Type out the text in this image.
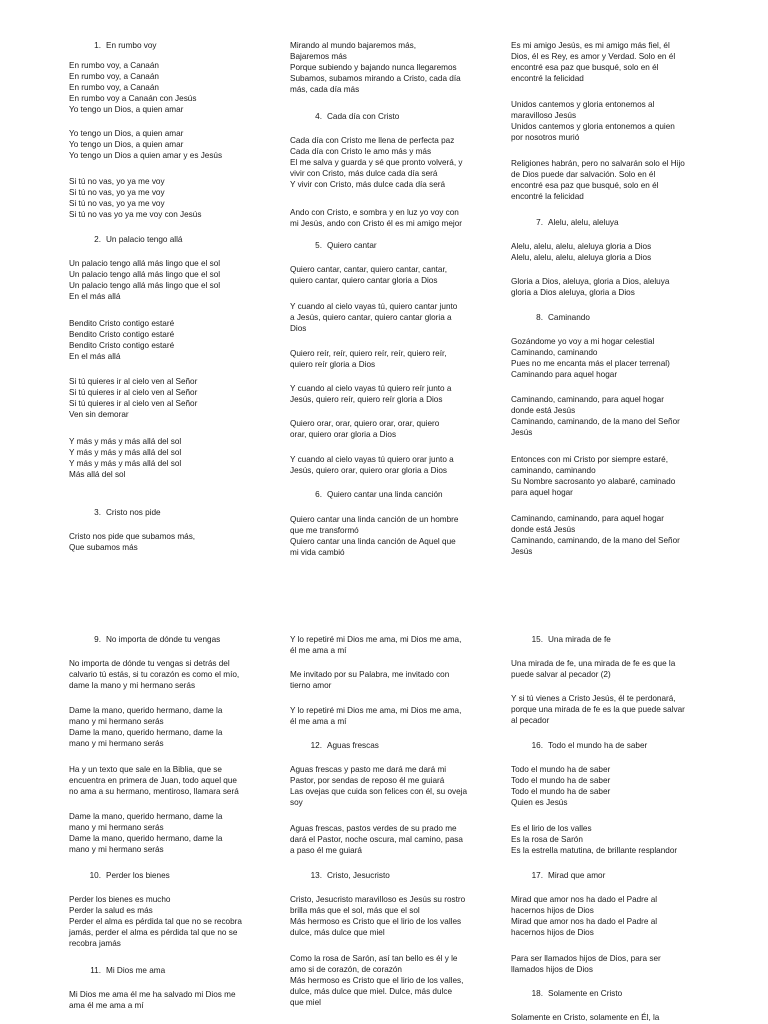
1. En rumbo voy
En rumbo voy, a Canaán
En rumbo voy, a Canaán
En rumbo voy, a Canaán
En rumbo voy a Canaán con Jesús
Yo tengo un Dios, a quien amar
Yo tengo un Dios, a quien amar
Yo tengo un Dios, a quien amar
Yo tengo un Dios a quien amar y es Jesús
Si tú no vas, yo ya me voy
Si tú no vas, yo ya me voy
Si tú no vas, yo ya me voy
Si tú no vas yo ya me voy con Jesús
2. Un palacio tengo allá
Un palacio tengo allá más lingo que el sol
Un palacio tengo allá más lingo que el sol
Un palacio tengo allá más lingo que el sol
En el más allá
Bendito Cristo contigo estaré
Bendito Cristo contigo estaré
Bendito Cristo contigo estaré
En el más allá
Si tú quieres ir al cielo ven al Señor
Si tú quieres ir al cielo ven al Señor
Si tú quieres ir al cielo ven al Señor
Ven sin demorar
Y más y más y más allá del sol
Y más y más y más allá del sol
Y más y más y más allá del sol
Más allá del sol
3. Cristo nos pide
Cristo nos pide que subamos más,
Que subamos más
Mirando al mundo bajaremos más,
Bajaremos más
Porque subiendo y bajando nunca llegaremos
Subamos, subamos mirando a Cristo, cada día
más, cada día más
4. Cada día con Cristo
Cada día con Cristo me llena de perfecta paz
Cada día con Cristo le amo más y más
El me salva y guarda y sé que pronto volverá, y
vivir con Cristo, más dulce cada día será
Y vivir con Cristo, más dulce cada día será
Ando con Cristo, e sombra y en luz yo voy con
mi Jesús, ando con Cristo él es mi amigo mejor
5. Quiero cantar
Quiero cantar, cantar, quiero cantar, cantar,
quiero cantar, quiero cantar gloria a Dios
Y cuando al cielo vayas tú, quiero cantar junto
a Jesús, quiero cantar, quiero cantar gloria a
Dios
Quiero reír, reír, quiero reír, reír, quiero reír,
quiero reír gloria a Dios
Y cuando al cielo vayas tú quiero reír junto a
Jesús, quiero reír, quiero reír gloria a Dios
Quiero orar, orar, quiero orar, orar, quiero
orar, quiero orar gloria a Dios
Y cuando al cielo vayas tú quiero orar junto a
Jesús, quiero orar, quiero orar gloria a Dios
6. Quiero cantar una linda canción
Quiero cantar una linda canción de un hombre
que me transformó
Quiero cantar una linda canción de Aquel que
mi vida cambió
Es mi amigo Jesús, es mi amigo más fiel, él
Dios, él es Rey, es amor y Verdad. Solo en él
encontré esa paz que busqué, solo en él
encontré la felicidad
Unidos cantemos y gloria entonemos al
maravilloso Jesús
Unidos cantemos y gloria entonemos a quien
por nosotros murió
Religiones habrán, pero no salvarán solo el Hijo
de Dios puede dar salvación. Solo en él
encontré esa paz que busqué, solo en él
encontré la felicidad
7. Alelu, alelu, aleluya
Alelu, alelu, alelu, aleluya gloria a Dios
Alelu, alelu, alelu, aleluya gloria a Dios
Gloria a Dios, aleluya, gloria a Dios, aleluya
gloria a Dios aleluya, gloria a Dios
8. Caminando
Gozándome yo voy a mi hogar celestial
Caminando, caminando
Pues no me encanta más el placer terrenal)
Caminando para aquel hogar
Caminando, caminando, para aquel hogar
donde está Jesús
Caminando, caminando, de la mano del Señor
Jesús
Entonces con mi Cristo por siempre estaré,
caminando, caminando
Su Nombre sacrosanto yo alabaré, caminado
para aquel hogar
Caminando, caminando, para aquel hogar
donde está Jesús
Caminando, caminando, de la mano del Señor
Jesús
9. No importa de dónde tu vengas
No importa de dónde tu vengas si detrás del
calvario tú estás, si tu corazón es como el mío,
dame la mano y mi hermano serás
Dame la mano, querido hermano, dame la
mano y mi hermano serás
Dame la mano, querido hermano, dame la
mano y mi hermano serás
Ha y un texto que sale en la Biblia, que se
encuentra en primera de Juan, todo aquel que
no ama a su hermano, mentiroso, llamara será
Dame la mano, querido hermano, dame la
mano y mi hermano serás
Dame la mano, querido hermano, dame la
mano y mi hermano serás
10. Perder los bienes
Perder los bienes es mucho
Perder la salud es más
Perder el alma es pérdida tal que no se recobra
jamás, perder el alma es pérdida tal que no se
recobra jamás
11. Mi Dios me ama
Mi Dios me ama él me ha salvado mi Dios me
ama él me ama a mí
Y lo repetiré mi Dios me ama, mi Dios me ama,
él me ama a mí
Me invitado por su Palabra, me invitado con
tierno amor
Y lo repetiré mi Dios me ama, mi Dios me ama,
él me ama a mí
12. Aguas frescas
Aguas frescas y pasto me dará me dará mi
Pastor, por sendas de reposo él me guiará
Las ovejas que cuida son felices con él, su oveja
soy
Aguas frescas, pastos verdes de su prado me
dará el Pastor, noche oscura, mal camino, pasa
a paso él me guiará
13. Cristo, Jesucristo
Cristo, Jesucristo maravilloso es Jesús su rostro
brilla más que el sol, más que el sol
Más hermoso es Cristo que el lirio de los valles
dulce, más dulce que miel
Como la rosa de Sarón, así tan bello es él y le
amo si de corazón, de corazón
Más hermoso es Cristo que el lirio de los valles,
dulce, más dulce que miel. Dulce, más dulce
que miel
15. Una mirada de fe
Una mirada de fe, una mirada de fe es que la
puede salvar al pecador (2)
Y si tú vienes a Cristo Jesús, él te perdonará,
porque una mirada de fe es la que puede salvar
al pecador
16. Todo el mundo ha de saber
Todo el mundo ha de saber
Todo el mundo ha de saber
Todo el mundo ha de saber
Quien es Jesús
Es el lirio de los valles
Es la rosa de Sarón
Es la estrella matutina, de brillante resplandor
17. Mirad que amor
Mirad que amor nos ha dado el Padre al
hacernos hijos de Dios
Mirad que amor nos ha dado el Padre al
hacernos hijos de Dios
Para ser llamados hijos de Dios, para ser
llamados hijos de Dios
18. Solamente en Cristo
Solamente en Cristo, solamente en Él, la
